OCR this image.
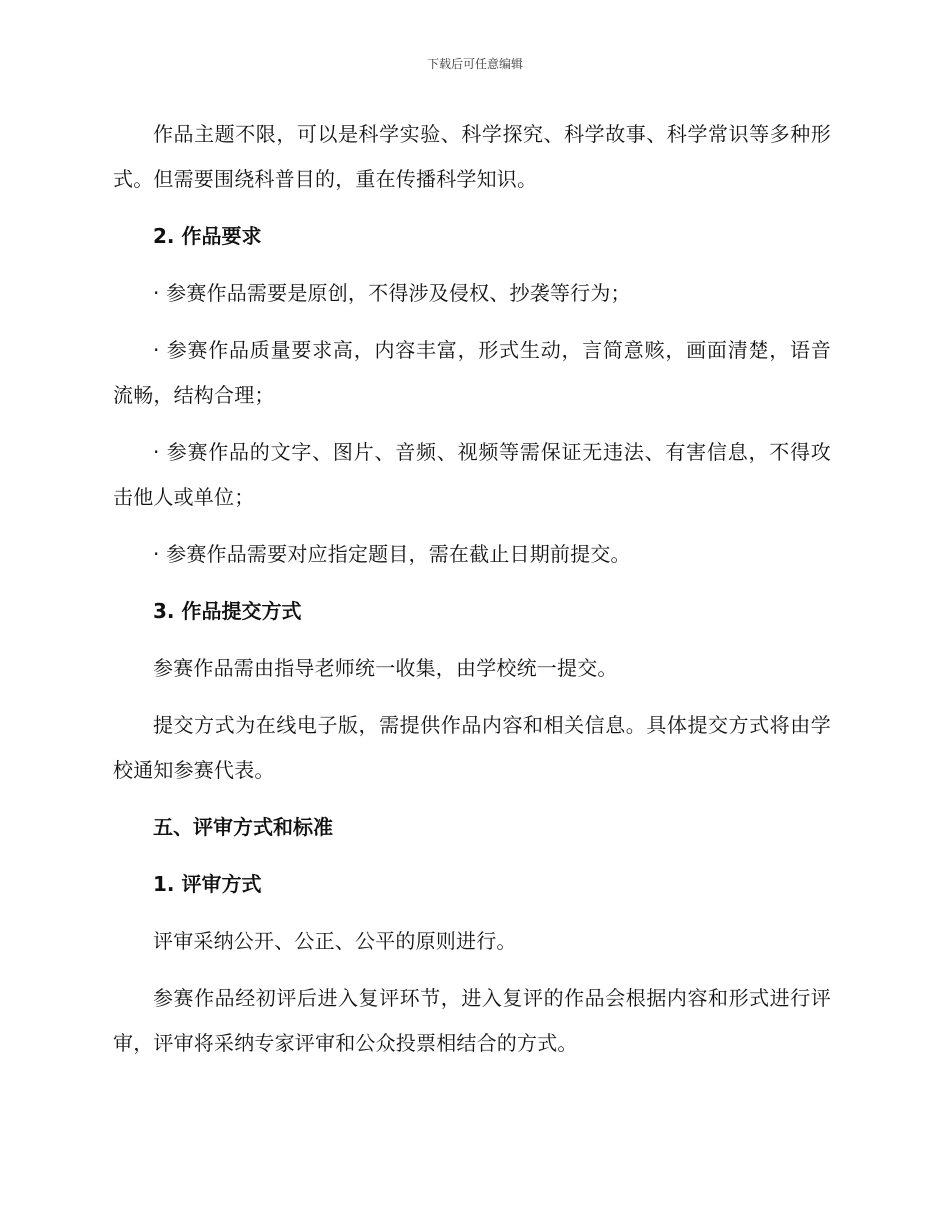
下载后可任意编辑

作品主题不限，可以是科学实验、科学探究、科学故事、科学常识等多种形式。但需要围绕科普目的，重在传播科学知识。

2. 作品要求

· 参赛作品需要是原创，不得涉及侵权、抄袭等行为；

· 参赛作品质量要求高，内容丰富，形式生动，言简意赅，画面清楚，语音流畅，结构合理；

· 参赛作品的文字、图片、音频、视频等需保证无违法、有害信息，不得攻击他人或单位；

· 参赛作品需要对应指定题目，需在截止日期前提交。

3. 作品提交方式

参赛作品需由指导老师统一收集，由学校统一提交。

提交方式为在线电子版，需提供作品内容和相关信息。具体提交方式将由学校通知参赛代表。

五、评审方式和标准

1. 评审方式

评审采纳公开、公正、公平的原则进行。

参赛作品经初评后进入复评环节，进入复评的作品会根据内容和形式进行评审，评审将采纳专家评审和公众投票相结合的方式。
